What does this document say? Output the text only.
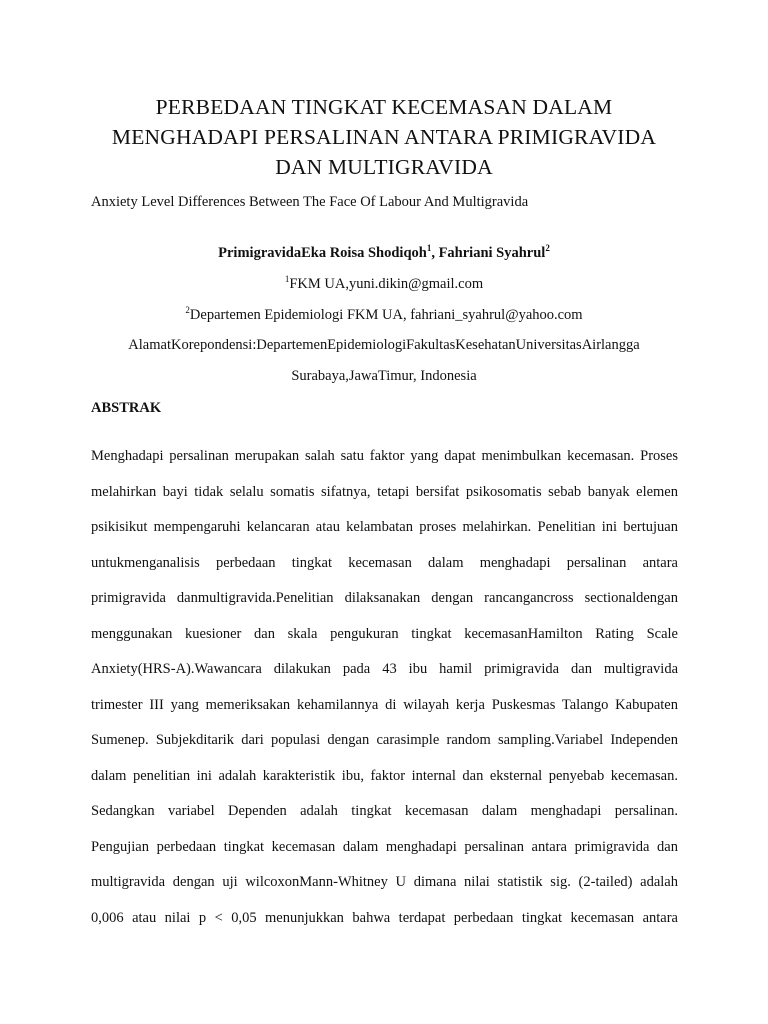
PERBEDAAN TINGKAT KECEMASAN DALAM
MENGHADAPI PERSALINAN ANTARA PRIMIGRAVIDA
DAN MULTIGRAVIDA
Anxiety Level Differences Between The Face Of Labour And Multigravida
PrimigravidaEka Roisa Shodiqoh$^1$, Fahriani Syahrul$^2$
$^1$FKM UA,yuni.dikin@gmail.com
$^2$Departemen Epidemiologi FKM UA, fahriani_syahrul@yahoo.com
AlamatKorepondensi:DepartemenEpidemiologiFakultasKesehatanUniversitasAirlangga
Surabaya,JawaTimur, Indonesia
ABSTRAK
Menghadapi persalinan merupakan salah satu faktor yang dapat menimbulkan kecemasan. Proses
melahirkan bayi tidak selalu somatis sifatnya, tetapi bersifat psikosomatis sebab banyak elemen
psikisikut mempengaruhi kelancaran atau kelambatan proses melahirkan. Penelitian ini bertujuan
untukmenganalisis perbedaan tingkat kecemasan dalam menghadapi persalinan antara
primigravida danmultigravida.Penelitian dilaksanakan dengan rancangancross sectionaldengan
menggunakan kuesioner dan skala pengukuran tingkat kecemasanHamilton Rating Scale
Anxiety(HRS-A).Wawancara dilakukan pada 43 ibu hamil primigravida dan multigravida
trimester III yang memeriksakan kehamilannya di wilayah kerja Puskesmas Talango Kabupaten
Sumenep. Subjekditarik dari populasi dengan carasimple random sampling.Variabel Independen
dalam penelitian ini adalah karakteristik ibu, faktor internal dan eksternal penyebab kecemasan.
Sedangkan variabel Dependen adalah tingkat kecemasan dalam menghadapi persalinan.
Pengujian perbedaan tingkat kecemasan dalam menghadapi persalinan antara primigravida dan
multigravida dengan uji wilcoxonMann-Whitney U dimana nilai statistik sig. (2-tailed) adalah
0,006 atau nilai p < 0,05 menunjukkan bahwa terdapat perbedaan tingkat kecemasan antara
